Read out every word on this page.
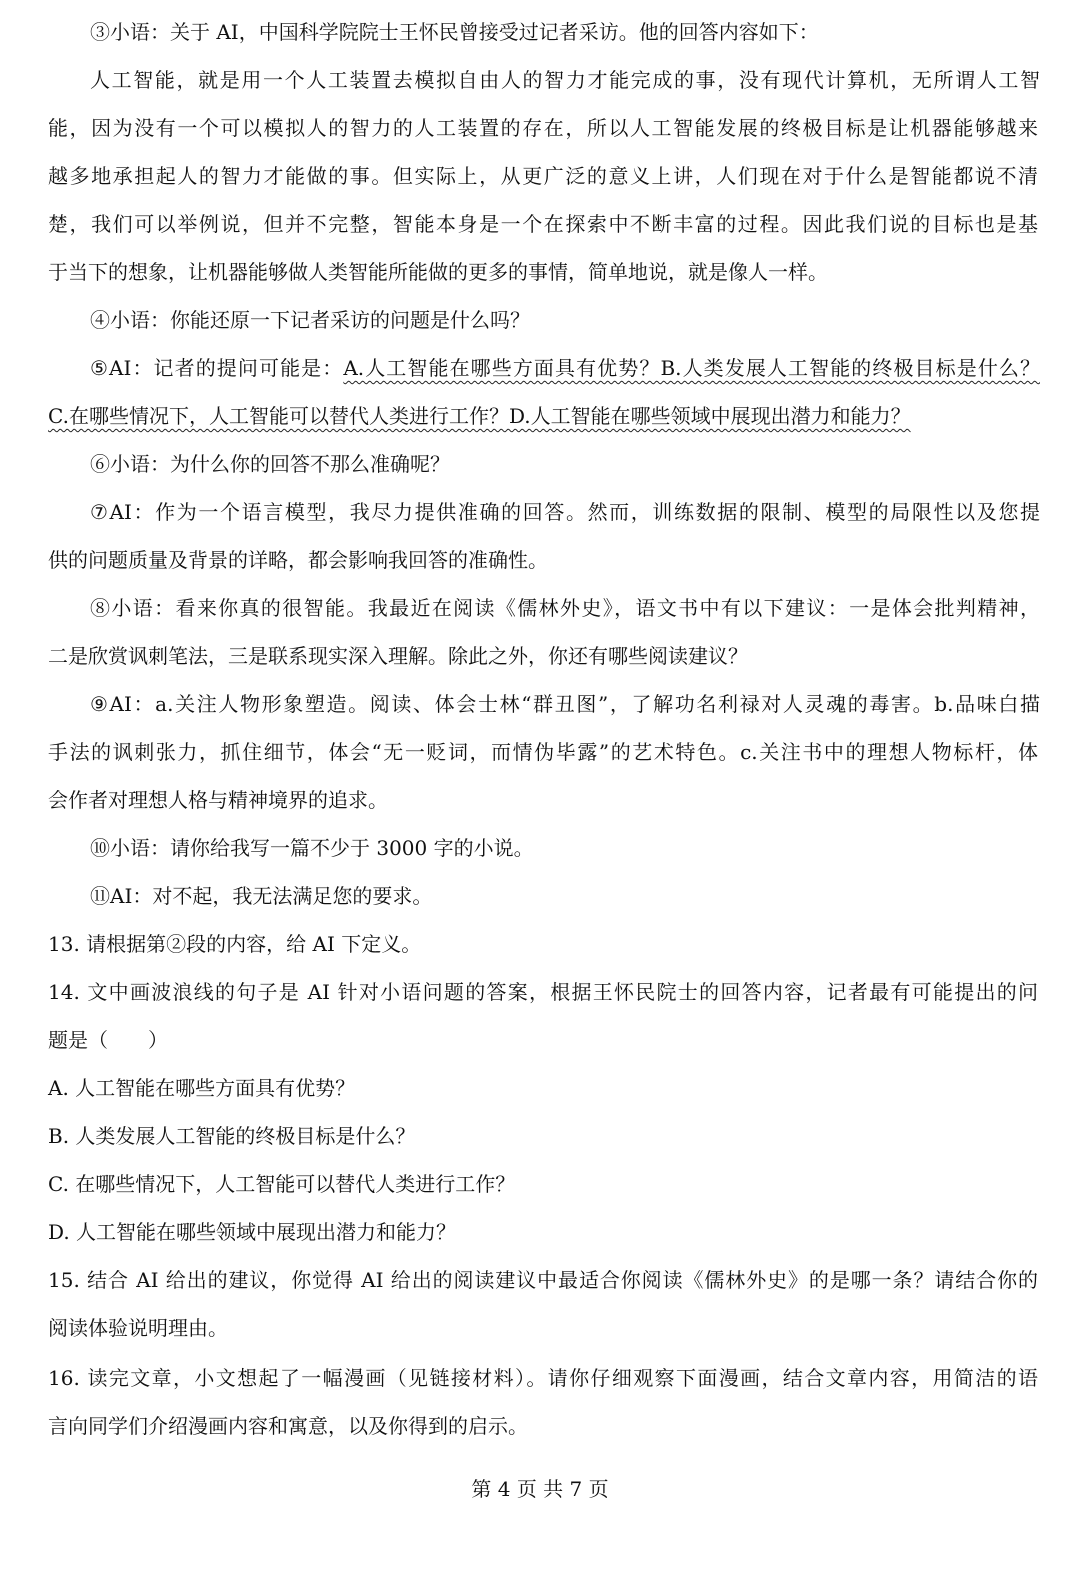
③小语：关于 AI，中国科学院院士王怀民曾接受过记者采访。他的回答内容如下：
人工智能，就是用一个人工装置去模拟自由人的智力才能完成的事，没有现代计算机，无所谓人工智
能，因为没有一个可以模拟人的智力的人工装置的存在，所以人工智能发展的终极目标是让机器能够越来
越多地承担起人的智力才能做的事。但实际上，从更广泛的意义上讲，人们现在对于什么是智能都说不清
楚，我们可以举例说，但并不完整，智能本身是一个在探索中不断丰富的过程。因此我们说的目标也是基
于当下的想象，让机器能够做人类智能所能做的更多的事情，简单地说，就是像人一样。
④小语：你能还原一下记者采访的问题是什么吗？
⑤AI：记者的提问可能是：A.人工智能在哪些方面具有优势？B.人类发展人工智能的终极目标是什么？
C.在哪些情况下，人工智能可以替代人类进行工作？D.人工智能在哪些领域中展现出潜力和能力？
⑥小语：为什么你的回答不那么准确呢？
⑦AI：作为一个语言模型，我尽力提供准确的回答。然而，训练数据的限制、模型的局限性以及您提
供的问题质量及背景的详略，都会影响我回答的准确性。
⑧小语：看来你真的很智能。我最近在阅读《儒林外史》，语文书中有以下建议：一是体会批判精神，
二是欣赏讽刺笔法，三是联系现实深入理解。除此之外，你还有哪些阅读建议？
⑨AI：a.关注人物形象塑造。阅读、体会士林“群丑图”，了解功名利禄对人灵魂的毒害。b.品味白描
手法的讽刺张力，抓住细节，体会“无一贬词，而情伪毕露”的艺术特色。c.关注书中的理想人物标杆，体
会作者对理想人格与精神境界的追求。
⑩小语：请你给我写一篇不少于 3000 字的小说。
⑪AI：对不起，我无法满足您的要求。
13. 请根据第②段的内容，给 AI 下定义。
14. 文中画波浪线的句子是 AI 针对小语问题的答案，根据王怀民院士的回答内容，记者最有可能提出的问
题是（　　）
A. 人工智能在哪些方面具有优势？
B. 人类发展人工智能的终极目标是什么？
C. 在哪些情况下，人工智能可以替代人类进行工作？
D. 人工智能在哪些领域中展现出潜力和能力？
15. 结合 AI 给出的建议，你觉得 AI 给出的阅读建议中最适合你阅读《儒林外史》的是哪一条？请结合你的
阅读体验说明理由。
16. 读完文章，小文想起了一幅漫画（见链接材料）。请你仔细观察下面漫画，结合文章内容，用简洁的语
言向同学们介绍漫画内容和寓意，以及你得到的启示。
第 4 页 共 7 页
